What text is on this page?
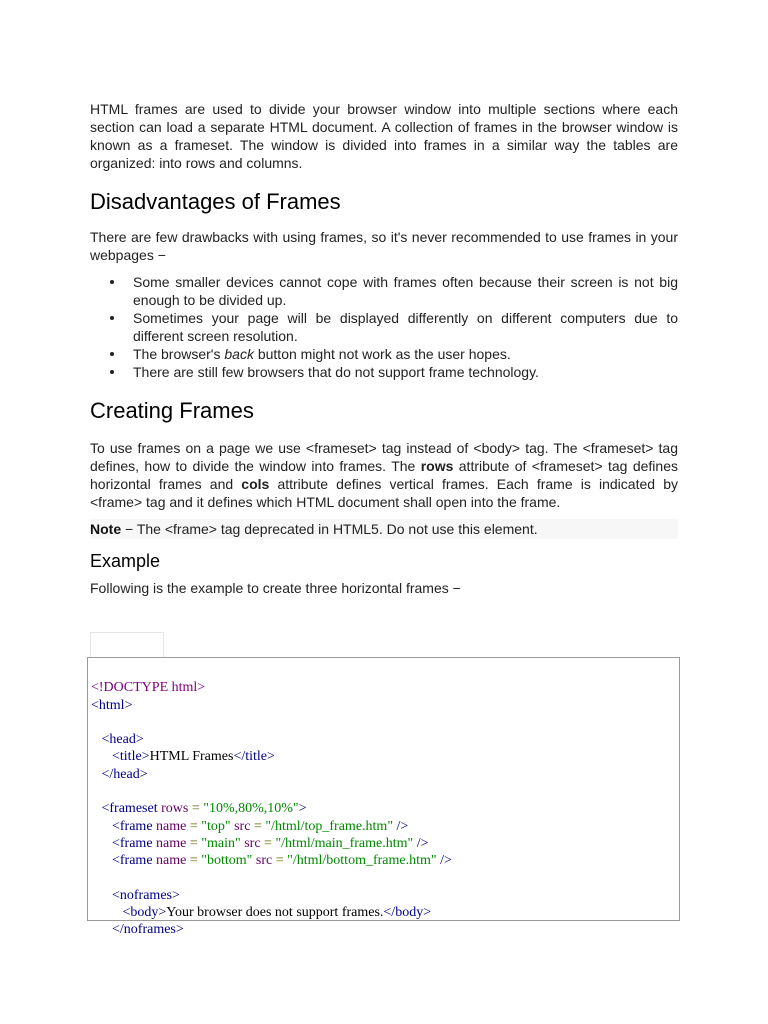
HTML frames are used to divide your browser window into multiple sections where each section can load a separate HTML document. A collection of frames in the browser window is known as a frameset. The window is divided into frames in a similar way the tables are organized: into rows and columns.

Disadvantages of Frames

There are few drawbacks with using frames, so it's never recommended to use frames in your webpages −

Some smaller devices cannot cope with frames often because their screen is not big enough to be divided up.
Sometimes your page will be displayed differently on different computers due to different screen resolution.
The browser's back button might not work as the user hopes.
There are still few browsers that do not support frame technology.
Creating Frames

To use frames on a page we use <frameset> tag instead of <body> tag. The <frameset> tag defines, how to divide the window into frames. The rows attribute of <frameset> tag defines horizontal frames and cols attribute defines vertical frames. Each frame is indicated by <frame> tag and it defines which HTML document shall open into the frame.

Note − The <frame> tag deprecated in HTML5. Do not use this element.
Example

Following is the example to create three horizontal frames −

<!DOCTYPE html>
<html>
<head>
<title>HTML Frames</title>
</head>
<frameset rows = "10%,80%,10%">
<frame name = "top" src = "/html/top_frame.htm" />
<frame name = "main" src = "/html/main_frame.htm" />
<frame name = "bottom" src = "/html/bottom_frame.htm" />
<noframes>
<body>Your browser does not support frames.</body>
</noframes>
